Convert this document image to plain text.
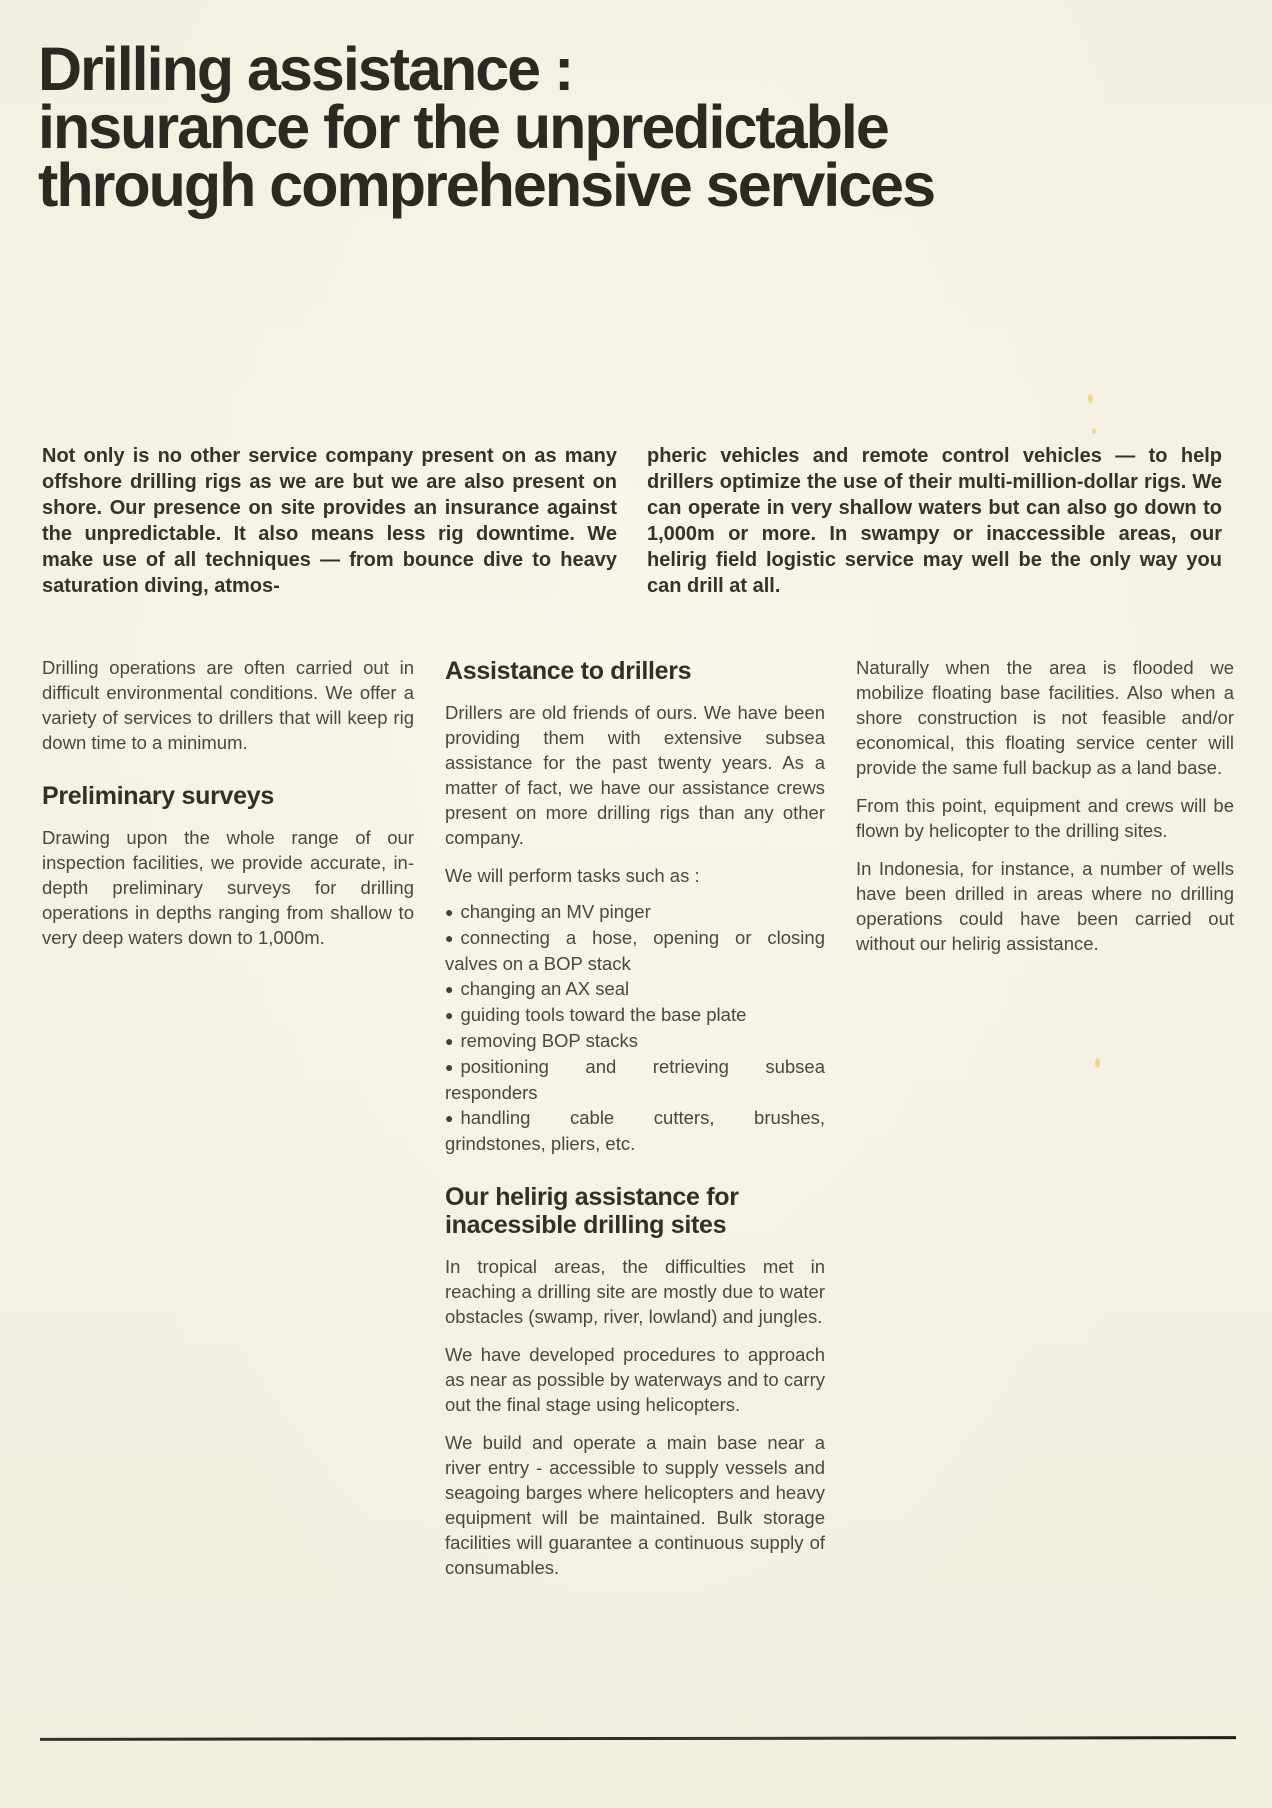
Drilling assistance :
insurance for the unpredictable
through comprehensive services
Not only is no other service company present on as many offshore drilling rigs as we are but we are also present on shore. Our presence on site provides an insurance against the unpredictable. It also means less rig downtime. We make use of all techniques — from bounce dive to heavy saturation diving, atmos-
pheric vehicles and remote control vehicles — to help drillers optimize the use of their multi-million-dollar rigs. We can operate in very shallow waters but can also go down to 1,000m or more. In swampy or inaccessible areas, our helirig field logistic service may well be the only way you can drill at all.

Drilling operations are often carried out in difficult environmental conditions. We offer a variety of services to drillers that will keep rig down time to a minimum.

Preliminary surveys

Drawing upon the whole range of our inspection facilities, we provide accurate, in-depth preliminary surveys for drilling operations in depths ranging from shallow to very deep waters down to 1,000m.

Assistance to drillers

Drillers are old friends of ours. We have been providing them with extensive subsea assistance for the past twenty years. As a matter of fact, we have our assistance crews present on more drilling rigs than any other company.

We will perform tasks such as :

● changing an MV pinger
● connecting a hose, opening or closing valves on a BOP stack
● changing an AX seal
● guiding tools toward the base plate
● removing BOP stacks
● positioning and retrieving subsea responders
● handling cable cutters, brushes, grindstones, pliers, etc.
Our helirig assistance for inacessible drilling sites

In tropical areas, the difficulties met in reaching a drilling site are mostly due to water obstacles (swamp, river, lowland) and jungles.

We have developed procedures to approach as near as possible by waterways and to carry out the final stage using helicopters.

We build and operate a main base near a river entry - accessible to supply vessels and seagoing barges where helicopters and heavy equipment will be maintained. Bulk storage facilities will guarantee a continuous supply of consumables.

Naturally when the area is flooded we mobilize floating base facilities. Also when a shore construction is not feasible and/or economical, this floating service center will provide the same full backup as a land base.

From this point, equipment and crews will be flown by helicopter to the drilling sites.

In Indonesia, for instance, a number of wells have been drilled in areas where no drilling operations could have been carried out without our helirig assistance.
